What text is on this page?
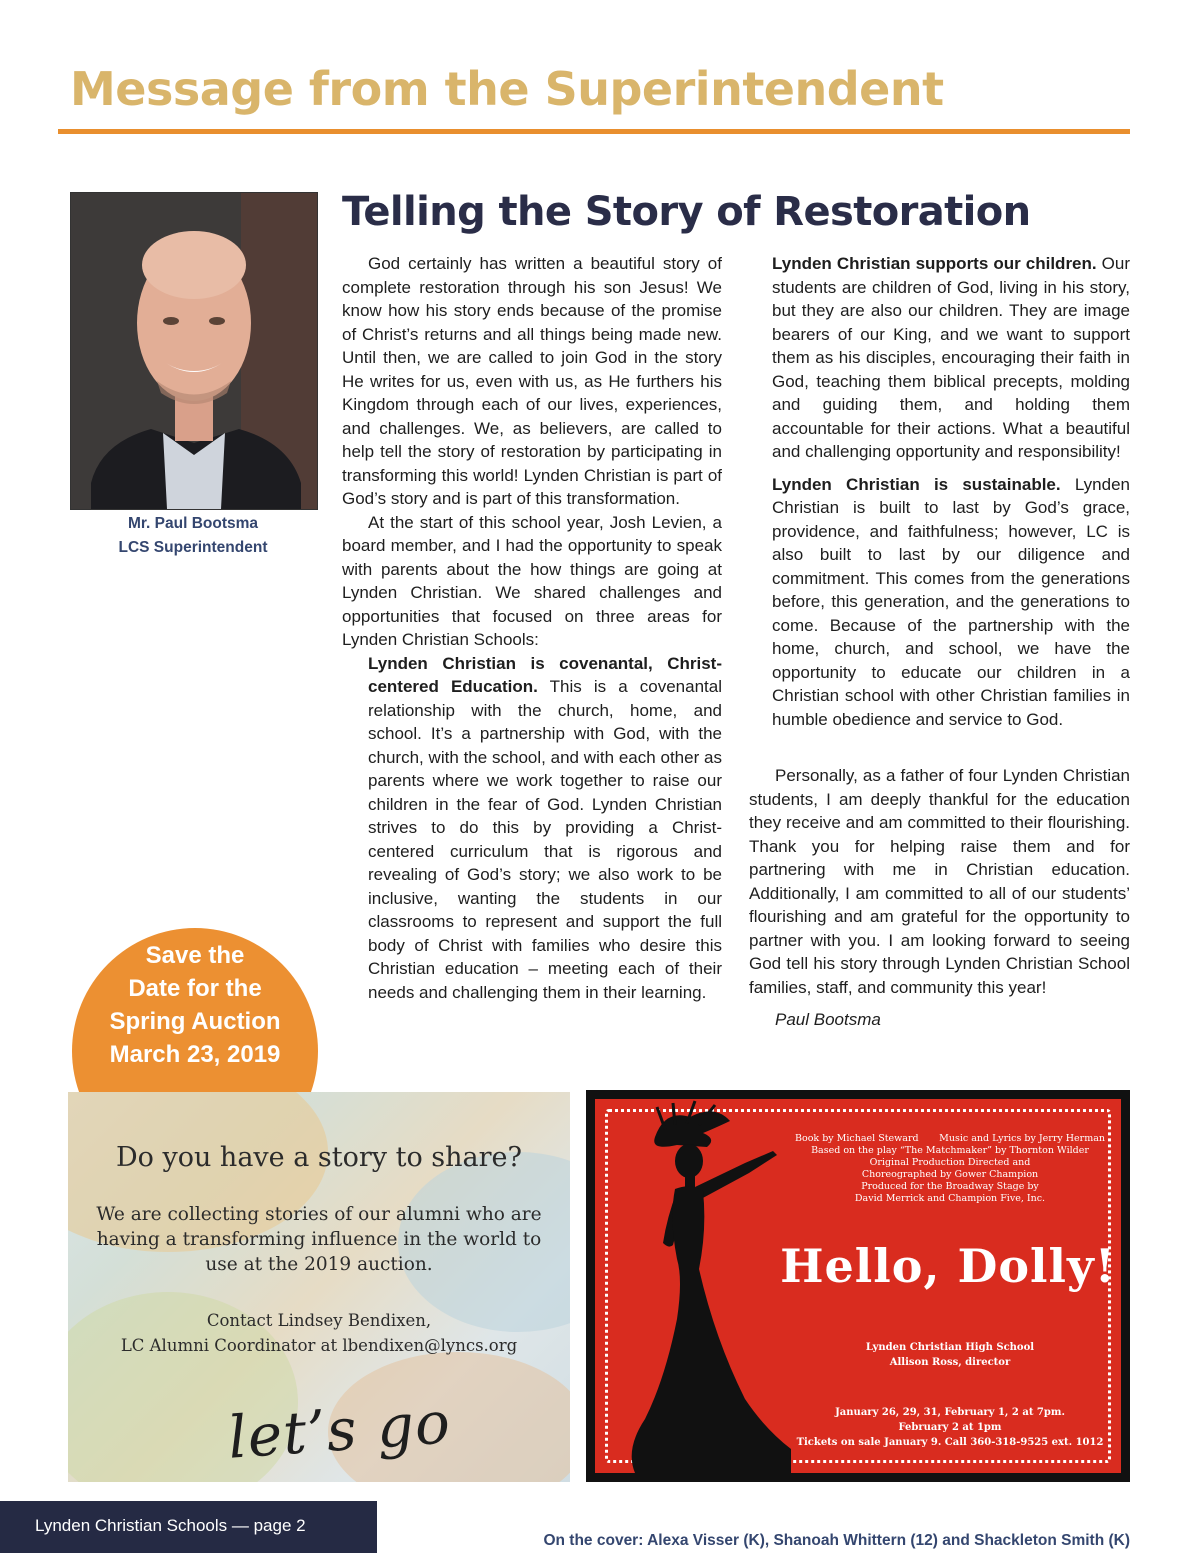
Message from the Superintendent
Mr. Paul Bootsma
LCS Superintendent
Telling the Story of Restoration

God certainly has written a beautiful story of complete restoration through his son Jesus! We know how his story ends because of the promise of Christ’s returns and all things being made new. Until then, we are called to join God in the story He writes for us, even with us, as He furthers his Kingdom through each of our lives, experiences, and challenges. We, as believers, are called to help tell the story of restoration by participating in transforming this world! Lynden Christian is part of God’s story and is part of this transformation.

At the start of this school year, Josh Levien, a board member, and I had the opportunity to speak with parents about the how things are going at Lynden Christian. We shared challenges and opportunities that focused on three areas for Lynden Christian Schools:

Lynden Christian is covenantal, Christ-centered Education. This is a covenantal relationship with the church, home, and school. It’s a partnership with God, with the church, with the school, and with each other as parents where we work together to raise our children in the fear of God. Lynden Christian strives to do this by providing a Christ-centered curriculum that is rigorous and revealing of God’s story; we also work to be inclusive, wanting the students in our classrooms to represent and support the full body of Christ with families who desire this Christian education – meeting each of their needs and challenging them in their learning.

Lynden Christian supports our children. Our students are children of God, living in his story, but they are also our children. They are image bearers of our King, and we want to support them as his disciples, encouraging their faith in God, teaching them biblical precepts, molding and guiding them, and holding them accountable for their actions. What a beautiful and challenging opportunity and responsibility!

Lynden Christian is sustainable. Lynden Christian is built to last by God’s grace, providence, and faithfulness; however, LC is also built to last by our diligence and commitment. This comes from the generations before, this generation, and the generations to come. Because of the partnership with the home, church, and school, we have the opportunity to educate our children in a Christian school with other Christian families in humble obedience and service to God.

Personally, as a father of four Lynden Christian students, I am deeply thankful for the education they receive and am committed to their flourishing. Thank you for helping raise them and for partnering with me in Christian education. Additionally, I am committed to all of our students’ flourishing and am grateful for the opportunity to partner with you. I am looking forward to seeing God tell his story through Lynden Christian School families, staff, and community this year!

Paul Bootsma

Save the
Date for the
Spring Auction
March 23, 2019
Do you have a story to share?
We are collecting stories of our alumni who are
having a transforming influence in the world to
use at the 2019 auction.
Contact Lindsey Bendixen,
LC Alumni Coordinator at lbendixen@lyncs.org
let’s go
Book by Michael Steward Music and Lyrics by Jerry Herman
Based on the play “The Matchmaker” by Thornton Wilder
Original Production Directed and
Choreographed by Gower Champion
Produced for the Broadway Stage by
David Merrick and Champion Five, Inc.
Hello, Dolly!
Lynden Christian High School
Allison Ross, director
January 26, 29, 31, February 1, 2 at 7pm.
February 2 at 1pm
Tickets on sale January 9. Call 360-318-9525 ext. 1012
On the cover: Alexa Visser (K), Shanoah Whittern (12) and Shackleton Smith (K)
Lynden Christian Schools — page 2
